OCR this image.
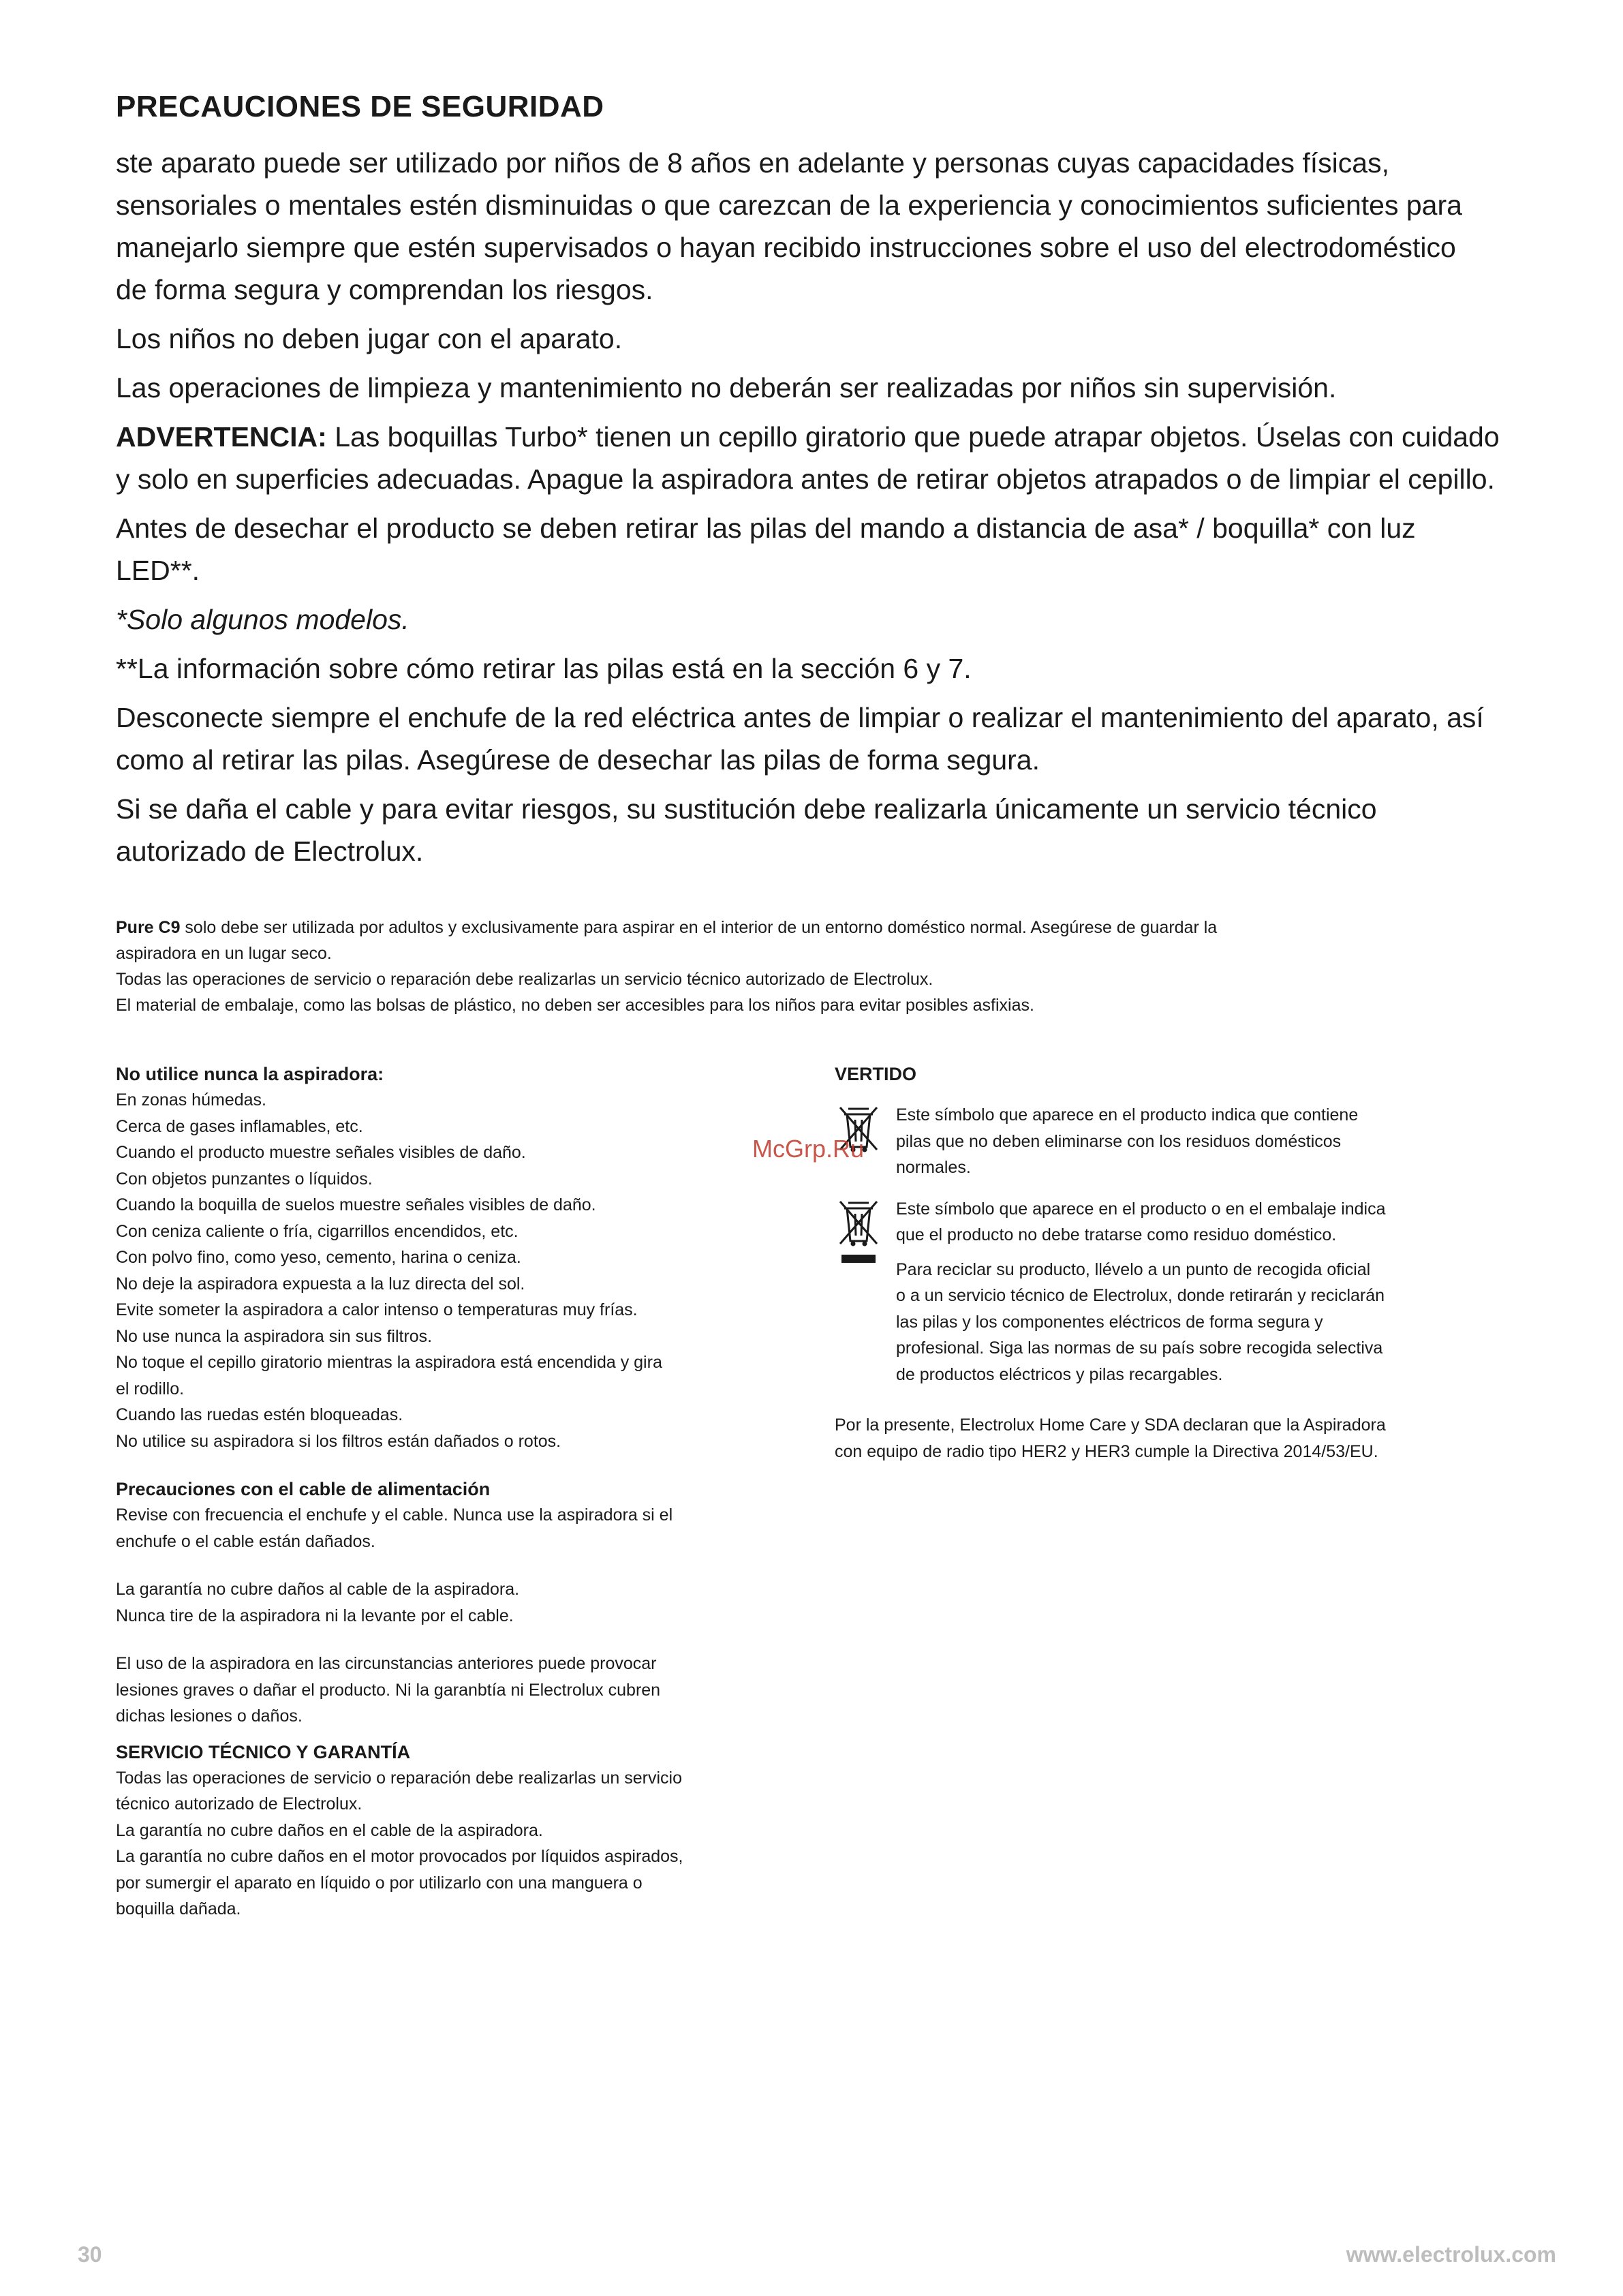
PRECAUCIONES DE SEGURIDAD

ste aparato puede ser utilizado por niños de 8 años en adelante y personas cuyas capacidades físicas,
sensoriales o mentales estén disminuidas o que carezcan de la experiencia y conocimientos suficientes para
manejarlo siempre que estén supervisados o hayan recibido instrucciones sobre el uso del electrodoméstico
de forma segura y comprendan los riesgos.

Los niños no deben jugar con el aparato.

Las operaciones de limpieza y mantenimiento no deberán ser realizadas por niños sin supervisión.

ADVERTENCIA: Las boquillas Turbo* tienen un cepillo giratorio que puede atrapar objetos. Úselas con cuidado
y solo en superficies adecuadas. Apague la aspiradora antes de retirar objetos atrapados o de limpiar el cepillo.

Antes de desechar el producto se deben retirar las pilas del mando a distancia de asa* / boquilla* con luz
LED**.

*Solo algunos modelos.

**La información sobre cómo retirar las pilas está en la sección 6 y 7.

Desconecte siempre el enchufe de la red eléctrica antes de limpiar o realizar el mantenimiento del aparato, así
como al retirar las pilas. Asegúrese de desechar las pilas de forma segura.

Si se daña el cable y para evitar riesgos, su sustitución debe realizarla únicamente un servicio técnico
autorizado de Electrolux.

Pure C9 solo debe ser utilizada por adultos y exclusivamente para aspirar en el interior de un entorno doméstico normal. Asegúrese de guardar la

aspiradora en un lugar seco.

Todas las operaciones de servicio o reparación debe realizarlas un servicio técnico autorizado de Electrolux.

El material de embalaje, como las bolsas de plástico, no deben ser accesibles para los niños para evitar posibles asfixias.

No utilice nunca la aspiradora:

En zonas húmedas.

Cerca de gases inflamables, etc.

Cuando el producto muestre señales visibles de daño.

Con objetos punzantes o líquidos.

Cuando la boquilla de suelos muestre señales visibles de daño.

Con ceniza caliente o fría, cigarrillos encendidos, etc.

Con polvo fino, como yeso, cemento, harina o ceniza.

No deje la aspiradora expuesta a la luz directa del sol.

Evite someter la aspiradora a calor intenso o temperaturas muy frías.

No use nunca la aspiradora sin sus filtros.

No toque el cepillo giratorio mientras la aspiradora está encendida y gira

el rodillo.

Cuando las ruedas estén bloqueadas.

No utilice su aspiradora si los filtros están dañados o rotos.

Precauciones con el cable de alimentación

Revise con frecuencia el enchufe y el cable. Nunca use la aspiradora si el

enchufe o el cable están dañados.

La garantía no cubre daños al cable de la aspiradora.

Nunca tire de la aspiradora ni la levante por el cable.

El uso de la aspiradora en las circunstancias anteriores puede provocar

lesiones graves o dañar el producto. Ni la garanbtía ni Electrolux cubren

dichas lesiones o daños.

SERVICIO TÉCNICO Y GARANTÍA

Todas las operaciones de servicio o reparación debe realizarlas un servicio

técnico autorizado de Electrolux.

La garantía no cubre daños en el cable de la aspiradora.

La garantía no cubre daños en el motor provocados por líquidos aspirados,

por sumergir el aparato en líquido o por utilizarlo con una manguera o

boquilla dañada.

VERTIDO

Este símbolo que aparece en el producto indica que contiene

pilas que no deben eliminarse con los residuos domésticos

normales.

Este símbolo que aparece en el producto o en el embalaje indica

que el producto no debe tratarse como residuo doméstico.

Para reciclar su producto, llévelo a un punto de recogida oficial

o a un servicio técnico de Electrolux, donde retirarán y reciclarán

las pilas y los componentes eléctricos de forma segura y

profesional. Siga las normas de su país sobre recogida selectiva

de productos eléctricos y pilas recargables.

Por la presente, Electrolux Home Care y SDA declaran que la Aspiradora

con equipo de radio tipo HER2 y HER3 cumple la Directiva 2014/53/EU.

McGrp.Ru
30	www.electrolux.com
